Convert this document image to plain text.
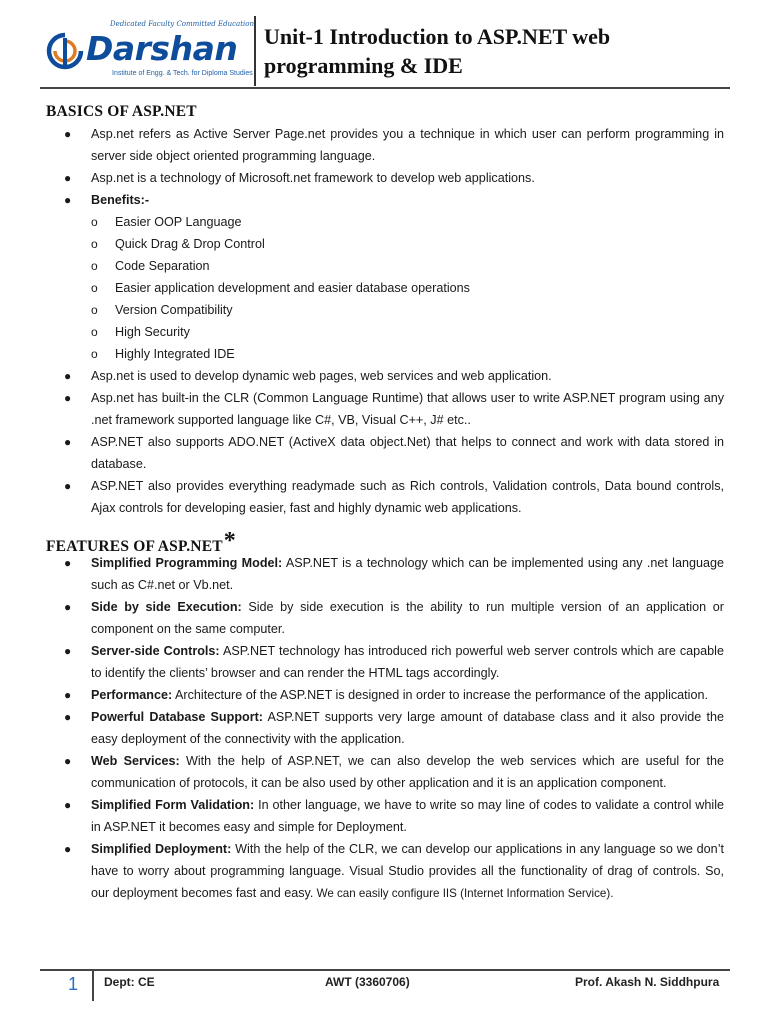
Dedicated Faculty Committed Education
Darshan
Institute of Engg. & Tech. for Diploma Studies
Unit-1 Introduction to ASP.NET web programming & IDE
BASICS OF ASP.NET
● Asp.net refers as Active Server Page.net provides you a technique in which user can perform programming in server side object oriented programming language.
● Asp.net is a technology of Microsoft.net framework to develop web applications.
● Benefits:-
o Easier OOP Language
o Quick Drag & Drop Control
o Code Separation
o Easier application development and easier database operations
o Version Compatibility
o High Security
o Highly Integrated IDE
● Asp.net is used to develop dynamic web pages, web services and web application.
● Asp.net has built-in the CLR (Common Language Runtime) that allows user to write ASP.NET program using any .net framework supported language like C#, VB, Visual C++, J# etc..
● ASP.NET also supports ADO.NET (ActiveX data object.Net) that helps to connect and work with data stored in database.
● ASP.NET also provides everything readymade such as Rich controls, Validation controls, Data bound controls, Ajax controls for developing easier, fast and highly dynamic web applications.
FEATURES OF ASP.NET*
● Simplified Programming Model: ASP.NET is a technology which can be implemented using any .net language such as C#.net or Vb.net.
● Side by side Execution: Side by side execution is the ability to run multiple version of an application or component on the same computer.
● Server-side Controls: ASP.NET technology has introduced rich powerful web server controls which are capable to identify the clients’ browser and can render the HTML tags accordingly.
● Performance: Architecture of the ASP.NET is designed in order to increase the performance of the application.
● Powerful Database Support: ASP.NET supports very large amount of database class and it also provide the easy deployment of the connectivity with the application.
● Web Services: With the help of ASP.NET, we can also develop the web services which are useful for the communication of protocols, it can be also used by other application and it is an application component.
● Simplified Form Validation: In other language, we have to write so may line of codes to validate a control while in ASP.NET it becomes easy and simple for Deployment.
● Simplified Deployment: With the help of the CLR, we can develop our applications in any language so we don’t have to worry about programming language. Visual Studio provides all the functionality of drag of controls. So, our deployment becomes fast and easy. We can easily configure IIS (Internet Information Service).
1 Dept: CE	AWT (3360706)	Prof. Akash N. Siddhpura
